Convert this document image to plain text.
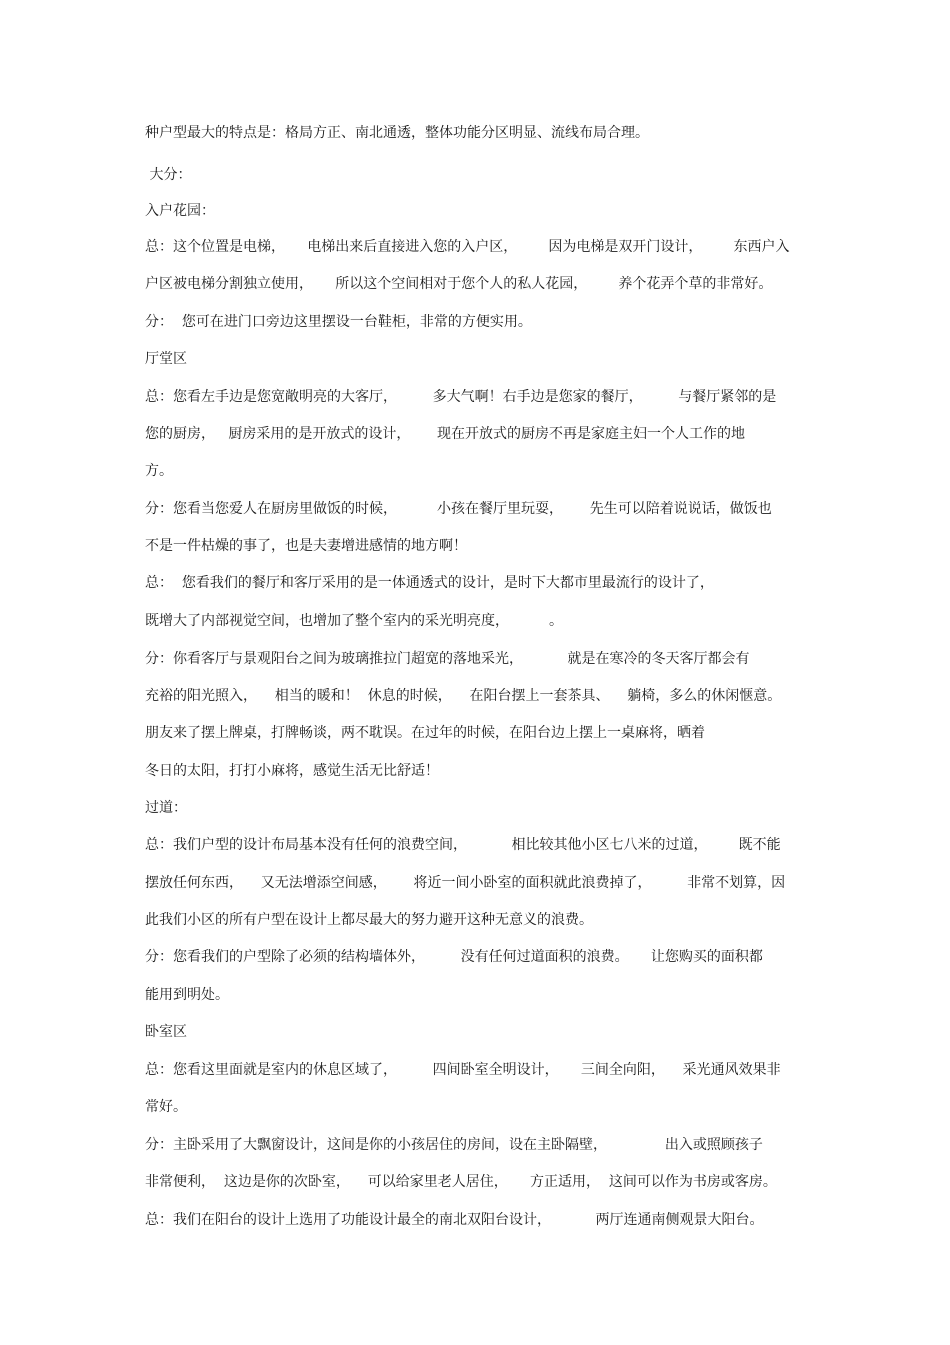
种户型最大的特点是：格局方正、南北通透，整体功能分区明显、流线布局合理。
大分：
入户花园：
总：这个位置是电梯，     电梯出来后直接进入您的入户区，       因为电梯是双开门设计，       东西户入
户区被电梯分割独立使用，     所以这个空间相对于您个人的私人花园，       养个花弄个草的非常好。
分：  您可在进门口旁边这里摆设一台鞋柜，非常的方便实用。
厅堂区
总：您看左手边是您宽敞明亮的大客厅，        多大气啊！右手边是您家的餐厅，        与餐厅紧邻的是
您的厨房，   厨房采用的是开放式的设计，      现在开放式的厨房不再是家庭主妇一个人工作的地
方。
分：您看当您爱人在厨房里做饭的时候，         小孩在餐厅里玩耍，      先生可以陪着说说话，做饭也
不是一件枯燥的事了，也是夫妻增进感情的地方啊！
总：  您看我们的餐厅和客厅采用的是一体通透式的设计，是时下大都市里最流行的设计了，
既增大了内部视觉空间，也增加了整个室内的采光明亮度，         。
分：你看客厅与景观阳台之间为玻璃推拉门超宽的落地采光，          就是在寒冷的冬天客厅都会有
充裕的阳光照入，    相当的暖和！  休息的时候，    在阳台摆上一套茶具、    躺椅，多么的休闲惬意。
朋友来了摆上牌桌，打牌畅谈，两不耽误。在过年的时候，在阳台边上摆上一桌麻将，晒着
冬日的太阳，打打小麻将，感觉生活无比舒适！
过道：
总：我们户型的设计布局基本没有任何的浪费空间，          相比较其他小区七八米的过道，       既不能
摆放任何东西，    又无法增添空间感，      将近一间小卧室的面积就此浪费掉了，        非常不划算，因
此我们小区的所有户型在设计上都尽最大的努力避开这种无意义的浪费。
分：您看我们的户型除了必须的结构墙体外，        没有任何过道面积的浪费。     让您购买的面积都
能用到明处。
卧室区
总：您看这里面就是室内的休息区域了，        四间卧室全明设计，     三间全向阳，    采光通风效果非
常好。
分：主卧采用了大飘窗设计，这间是你的小孩居住的房间，设在主卧隔壁，             出入或照顾孩子
非常便利，  这边是你的次卧室，    可以给家里老人居住，     方正适用，  这间可以作为书房或客房。
总：我们在阳台的设计上选用了功能设计最全的南北双阳台设计，          两厅连通南侧观景大阳台。
